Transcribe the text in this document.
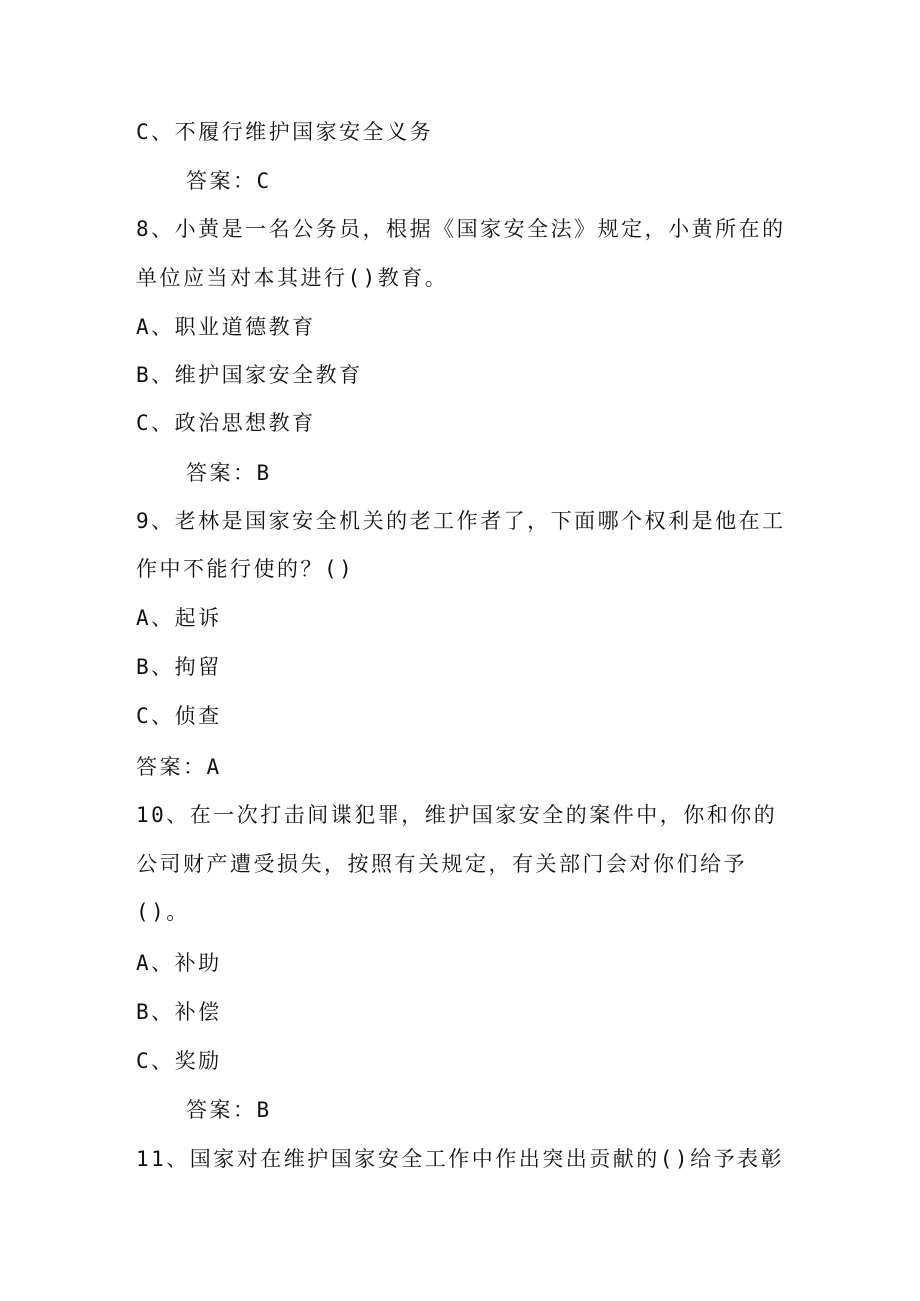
C、不履行维护国家安全义务
答案：C
8、小黄是一名公务员，根据《国家安全法》规定，小黄所在的
单位应当对本其进行()教育。
A、职业道德教育
B、维护国家安全教育
C、政治思想教育
答案：B
9、老林是国家安全机关的老工作者了，下面哪个权利是他在工
作中不能行使的？()
A、起诉
B、拘留
C、侦查
答案：A
10、在一次打击间谍犯罪，维护国家安全的案件中，你和你的
公司财产遭受损失，按照有关规定，有关部门会对你们给予
()。
A、补助
B、补偿
C、奖励
答案：B
11、国家对在维护国家安全工作中作出突出贡献的()给予表彰
